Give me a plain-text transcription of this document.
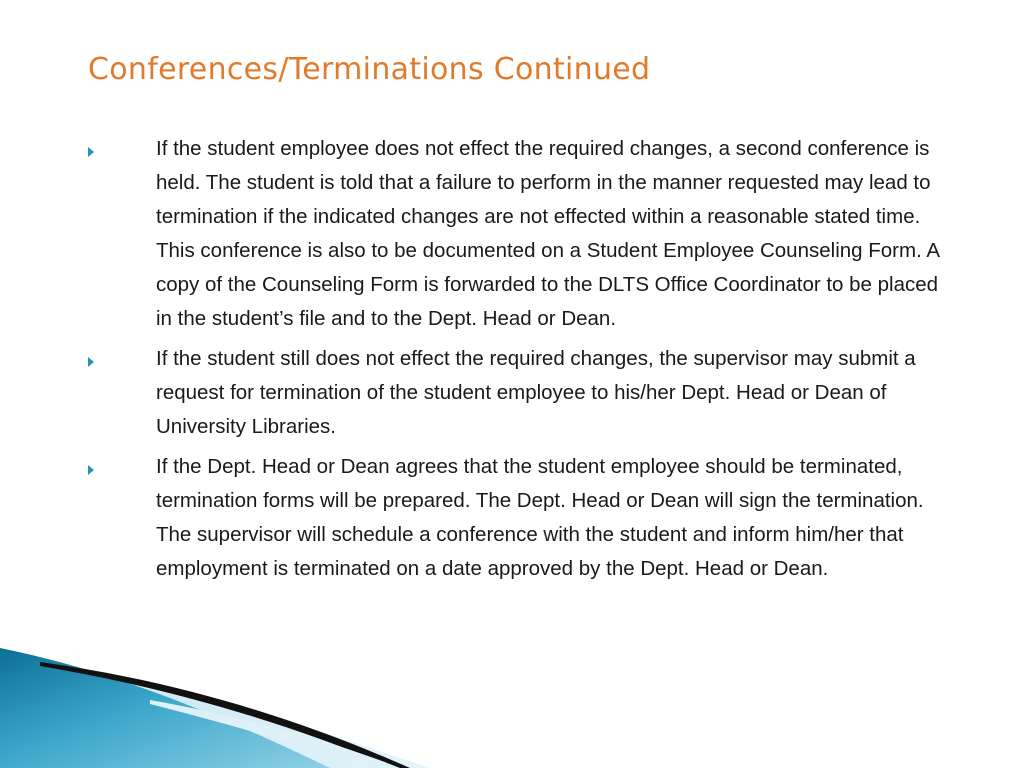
Conferences/Terminations Continued
If the student employee does not effect the required changes, a second conference is held. The student is told that a failure to perform in the manner requested may lead to termination if the indicated changes are not effected within a reasonable stated time. This conference is also to be documented on a Student Employee Counseling Form. A copy of the Counseling Form is forwarded to the DLTS Office Coordinator to be placed in the student’s file and to the Dept. Head or Dean.
If the student still does not effect the required changes, the supervisor may submit a request for termination of the student employee to his/her Dept. Head or Dean of University Libraries.
If the Dept. Head or Dean agrees that the student employee should be terminated, termination forms will be prepared. The Dept. Head or Dean will sign the termination. The supervisor will schedule a conference with the student and inform him/her that employment is terminated on a date approved by the Dept. Head or Dean.
